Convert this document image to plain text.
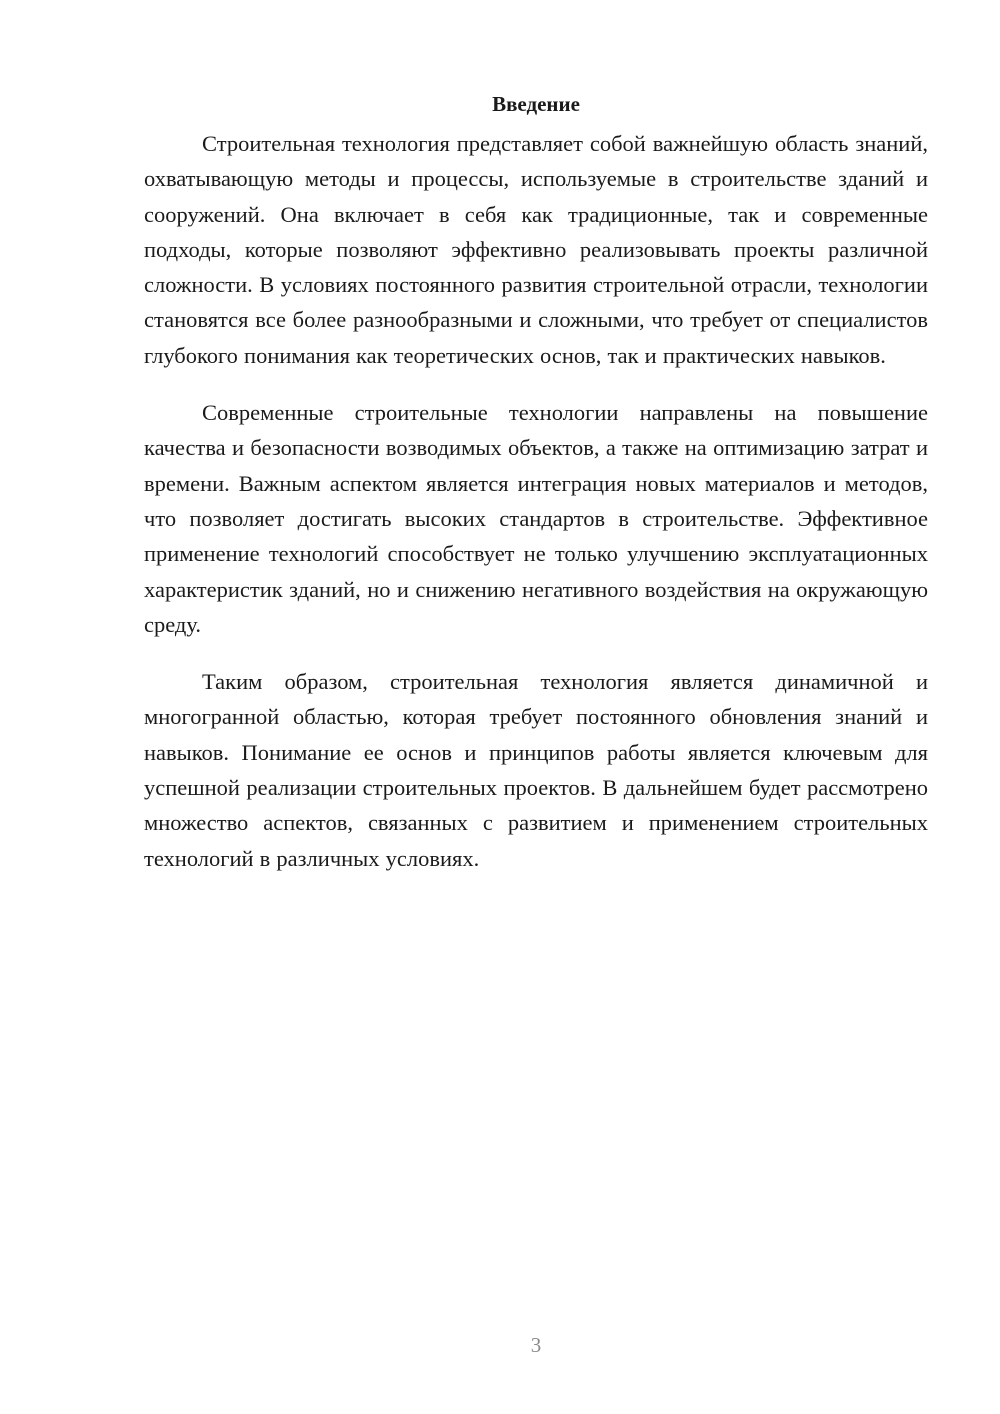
Введение

Строительная технология представляет собой важнейшую область знаний, охватывающую методы и процессы, используемые в строительстве зданий и сооружений. Она включает в себя как традиционные, так и современные подходы, которые позволяют эффективно реализовывать проекты различной сложности. В условиях постоянного развития строительной отрасли, технологии становятся все более разнообразными и сложными, что требует от специалистов глубокого понимания как теоретических основ, так и практических навыков.

Современные строительные технологии направлены на повышение качества и безопасности возводимых объектов, а также на оптимизацию затрат и времени. Важным аспектом является интеграция новых материалов и методов, что позволяет достигать высоких стандартов в строительстве. Эффективное применение технологий способствует не только улучшению эксплуатационных характеристик зданий, но и снижению негативного воздействия на окружающую среду.

Таким образом, строительная технология является динамичной и многогранной областью, которая требует постоянного обновления знаний и навыков. Понимание ее основ и принципов работы является ключевым для успешной реализации строительных проектов. В дальнейшем будет рассмотрено множество аспектов, связанных с развитием и применением строительных технологий в различных условиях.

3
